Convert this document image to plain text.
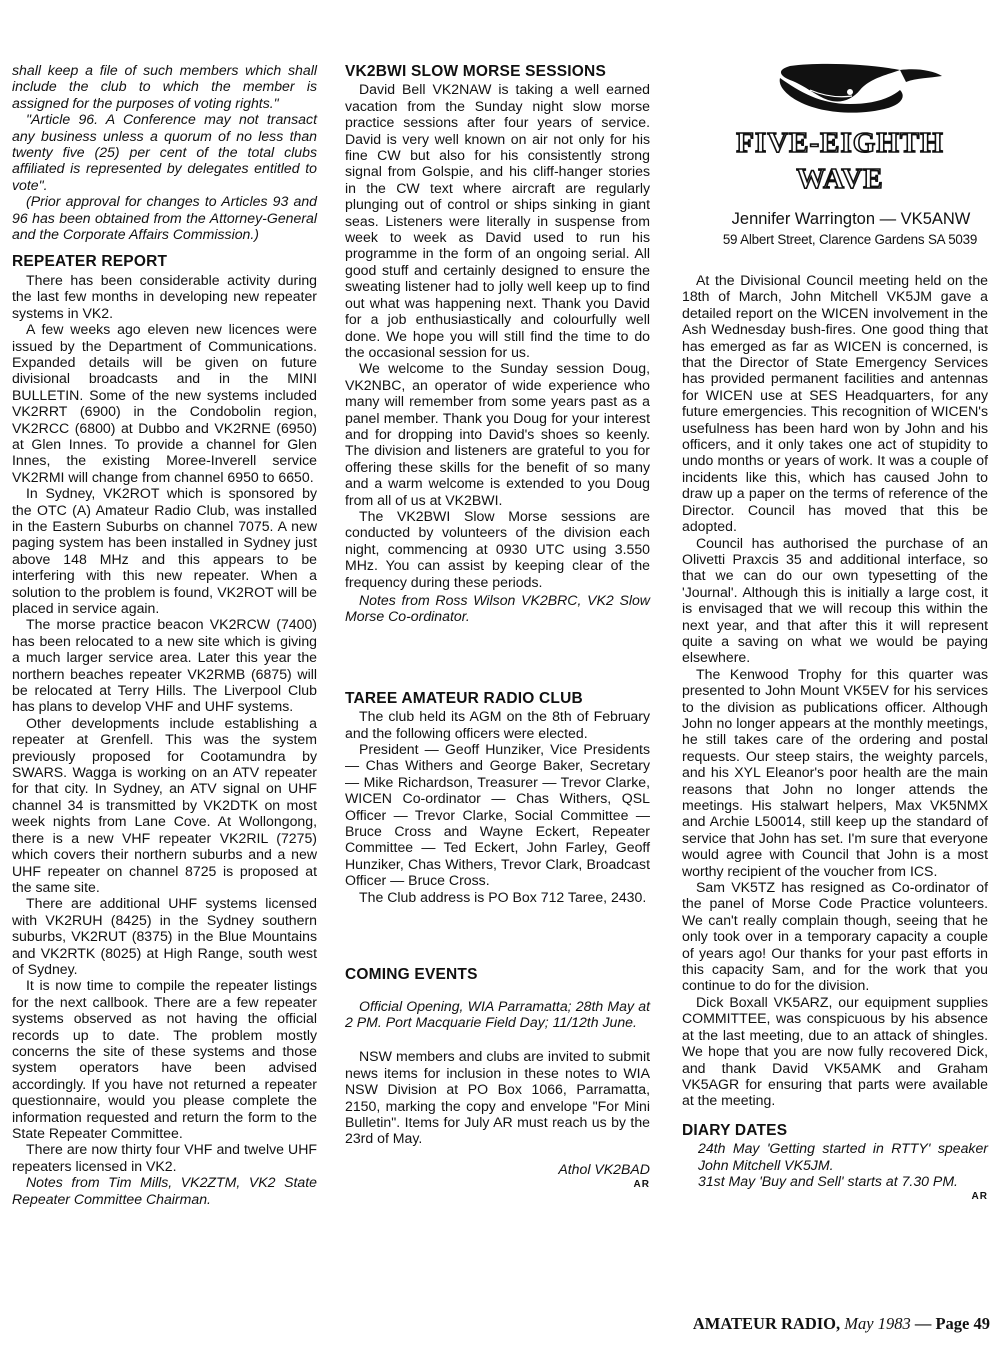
shall keep a file of such members which shall include the club to which the member is assigned for the purposes of voting rights."

"Article 96. A Conference may not transact any business unless a quorum of no less than twenty five (25) per cent of the total clubs affiliated is represented by delegates entitled to vote".

(Prior approval for changes to Articles 93 and 96 has been obtained from the Attorney-General and the Corporate Affairs Commission.)

REPEATER REPORT

There has been considerable activity during the last few months in developing new repeater systems in VK2.

A few weeks ago eleven new licences were issued by the Department of Communications. Expanded details will be given on future divisional broadcasts and in the MINI BULLETIN. Some of the new systems included VK2RRT (6900) in the Condobolin region, VK2RCC (6800) at Dubbo and VK2RNE (6950) at Glen Innes. To provide a channel for Glen Innes, the existing Moree-Inverell service VK2RMI will change from channel 6950 to 6650.

In Sydney, VK2ROT which is sponsored by the OTC (A) Amateur Radio Club, was installed in the Eastern Suburbs on channel 7075. A new paging system has been installed in Sydney just above 148 MHz and this appears to be interfering with this new repeater. When a solution to the problem is found, VK2ROT will be placed in service again.

The morse practice beacon VK2RCW (7400) has been relocated to a new site which is giving a much larger service area. Later this year the northern beaches repeater VK2RMB (6875) will be relocated at Terry Hills. The Liverpool Club has plans to develop VHF and UHF systems.

Other developments include establishing a repeater at Grenfell. This was the system previously proposed for Cootamundra by SWARS. Wagga is working on an ATV repeater for that city. In Sydney, an ATV signal on UHF channel 34 is transmitted by VK2DTK on most week nights from Lane Cove. At Wollongong, there is a new VHF repeater VK2RIL (7275) which covers their northern suburbs and a new UHF repeater on channel 8725 is proposed at the same site.

There are additional UHF systems licensed with VK2RUH (8425) in the Sydney southern suburbs, VK2RUT (8375) in the Blue Mountains and VK2RTK (8025) at High Range, south west of Sydney.

It is now time to compile the repeater listings for the next callbook. There are a few repeater systems observed as not having the official records up to date. The problem mostly concerns the site of these systems and those system operators have been advised accordingly. If you have not returned a repeater questionnaire, would you please complete the information requested and return the form to the State Repeater Committee.

There are now thirty four VHF and twelve UHF repeaters licensed in VK2.

Notes from Tim Mills, VK2ZTM, VK2 State Repeater Committee Chairman.

VK2BWI SLOW MORSE SESSIONS

David Bell VK2NAW is taking a well earned vacation from the Sunday night slow morse practice sessions after four years of service. David is very well known on air not only for his fine CW but also for his consistently strong signal from Golspie, and his cliff-hanger stories in the CW text where aircraft are regularly plunging out of control or ships sinking in giant seas. Listeners were literally in suspense from week to week as David used to run his programme in the form of an ongoing serial. All good stuff and certainly designed to ensure the sweating listener had to jolly well keep up to find out what was happening next. Thank you David for a job enthusiastically and colourfully well done. We hope you will still find the time to do the occasional session for us.

We welcome to the Sunday session Doug, VK2NBC, an operator of wide experience who many will remember from some years past as a panel member. Thank you Doug for your interest and for dropping into David's shoes so keenly. The division and listeners are grateful to you for offering these skills for the benefit of so many and a warm welcome is extended to you Doug from all of us at VK2BWI.

The VK2BWI Slow Morse sessions are conducted by volunteers of the division each night, commencing at 0930 UTC using 3.550 MHz. You can assist by keeping clear of the frequency during these periods.

Notes from Ross Wilson VK2BRC, VK2 Slow Morse Co-ordinator.

TAREE AMATEUR RADIO CLUB

The club held its AGM on the 8th of February and the following officers were elected.

President — Geoff Hunziker, Vice Presidents — Chas Withers and George Baker, Secretary — Mike Richardson, Treasurer — Trevor Clarke, WICEN Co-ordinator — Chas Withers, QSL Officer — Trevor Clarke, Social Committee — Bruce Cross and Wayne Eckert, Repeater Committee — Ted Eckert, John Farley, Geoff Hunziker, Chas Withers, Trevor Clark, Broadcast Officer — Bruce Cross.

The Club address is PO Box 712 Taree, 2430.

COMING EVENTS

Official Opening, WIA Parramatta; 28th May at 2 PM. Port Macquarie Field Day; 11/12th June.

NSW members and clubs are invited to submit news items for inclusion in these notes to WIA NSW Division at PO Box 1066, Parramatta, 2150, marking the copy and envelope "For Mini Bulletin". Items for July AR must reach us by the 23rd of May.

Athol VK2BAD
AR
FIVE-EIGHTH
WAVE
Jennifer Warrington — VK5ANW
59 Albert Street, Clarence Gardens SA 5039

At the Divisional Council meeting held on the 18th of March, John Mitchell VK5JM gave a detailed report on the WICEN involvement in the Ash Wednesday bush-fires. One good thing that has emerged as far as WICEN is concerned, is that the Director of State Emergency Services has provided permanent facilities and antennas for WICEN use at SES Headquarters, for any future emergencies. This recognition of WICEN's usefulness has been hard won by John and his officers, and it only takes one act of stupidity to undo months or years of work. It was a couple of incidents like this, which has caused John to draw up a paper on the terms of reference of the Director. Council has moved that this be adopted.

Council has authorised the purchase of an Olivetti Praxcis 35 and additional interface, so that we can do our own typesetting of the 'Journal'. Although this is initially a large cost, it is envisaged that we will recoup this within the next year, and that after this it will represent quite a saving on what we would be paying elsewhere.

The Kenwood Trophy for this quarter was presented to John Mount VK5EV for his services to the division as publications officer. Although John no longer appears at the monthly meetings, he still takes care of the ordering and postal requests. Our steep stairs, the weighty parcels, and his XYL Eleanor's poor health are the main reasons that John no longer attends the meetings. His stalwart helpers, Max VK5NMX and Archie L50014, still keep up the standard of service that John has set. I'm sure that everyone would agree with Council that John is a most worthy recipient of the voucher from ICS.

Sam VK5TZ has resigned as Co-ordinator of the panel of Morse Code Practice volunteers. We can't really complain though, seeing that he only took over in a temporary capacity a couple of years ago! Our thanks for your past efforts in this capacity Sam, and for the work that you continue to do for the division.

Dick Boxall VK5ARZ, our equipment supplies COMMITTEE, was conspicuous by his absence at the last meeting, due to an attack of shingles. We hope that you are now fully recovered Dick, and thank David VK5AMK and Graham VK5AGR for ensuring that parts were available at the meeting.

DIARY DATES

24th May 'Getting started in RTTY' speaker John Mitchell VK5JM.

31st May 'Buy and Sell' starts at 7.30 PM.

AR
AMATEUR RADIO, May 1983 — Page 49
